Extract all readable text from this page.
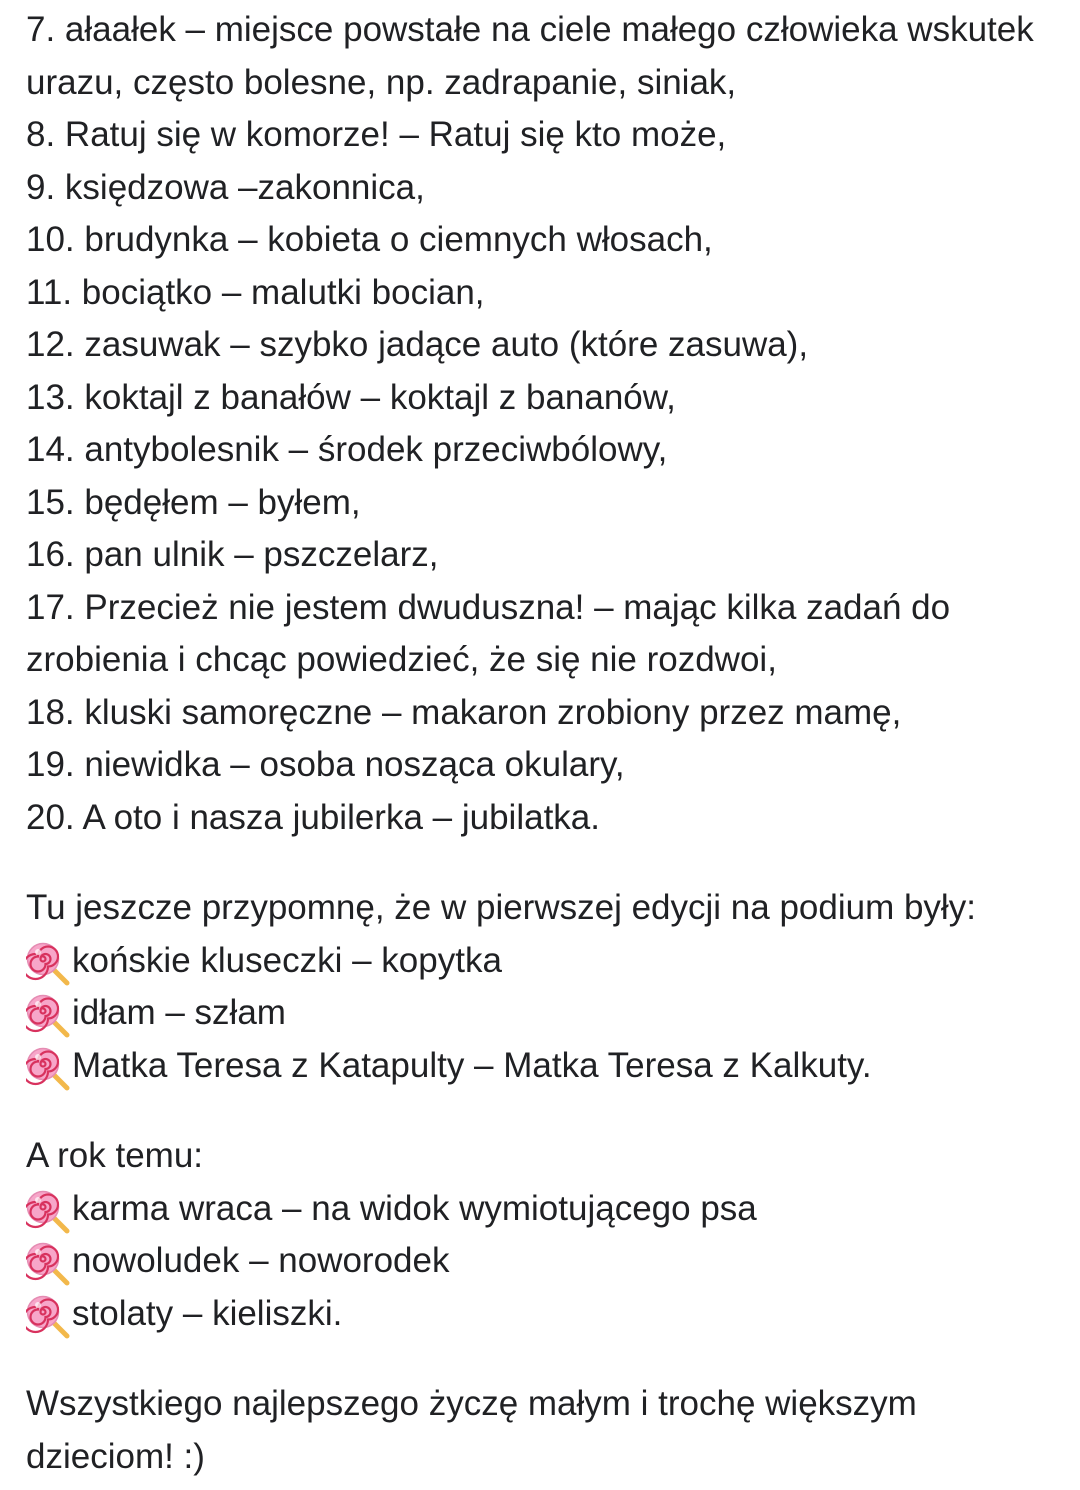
7. ałaałek – miejsce powstałe na ciele małego człowieka wskutek urazu, często bolesne, np. zadrapanie, siniak,
8. Ratuj się w komorze! – Ratuj się kto może,
9. księdzowa –zakonnica,
10. brudynka – kobieta o ciemnych włosach,
11. bociątko – malutki bocian,
12. zasuwak – szybko jadące auto (które zasuwa),
13. koktajl z banałów – koktajl z bananów,
14. antybolesnik – środek przeciwbólowy,
15. będęłem – byłem,
16. pan ulnik – pszczelarz,
17. Przecież nie jestem dwuduszna! – mając kilka zadań do zrobienia i chcąc powiedzieć, że się nie rozdwoi,
18. kluski samoręczne – makaron zrobiony przez mamę,
19. niewidka – osoba nosząca okulary,
20. A oto i nasza jubilerka – jubilatka.

Tu jeszcze przypomnę, że w pierwszej edycji na podium były:

końskie kluseczki – kopytka
idłam – szłam
Matka Teresa z Katapulty – Matka Teresa z Kalkuty.

A rok temu:

karma wraca – na widok wymiotującego psa
nowoludek – noworodek
stolaty – kieliszki.

Wszystkiego najlepszego życzę małym i trochę większym dzieciom! :)
